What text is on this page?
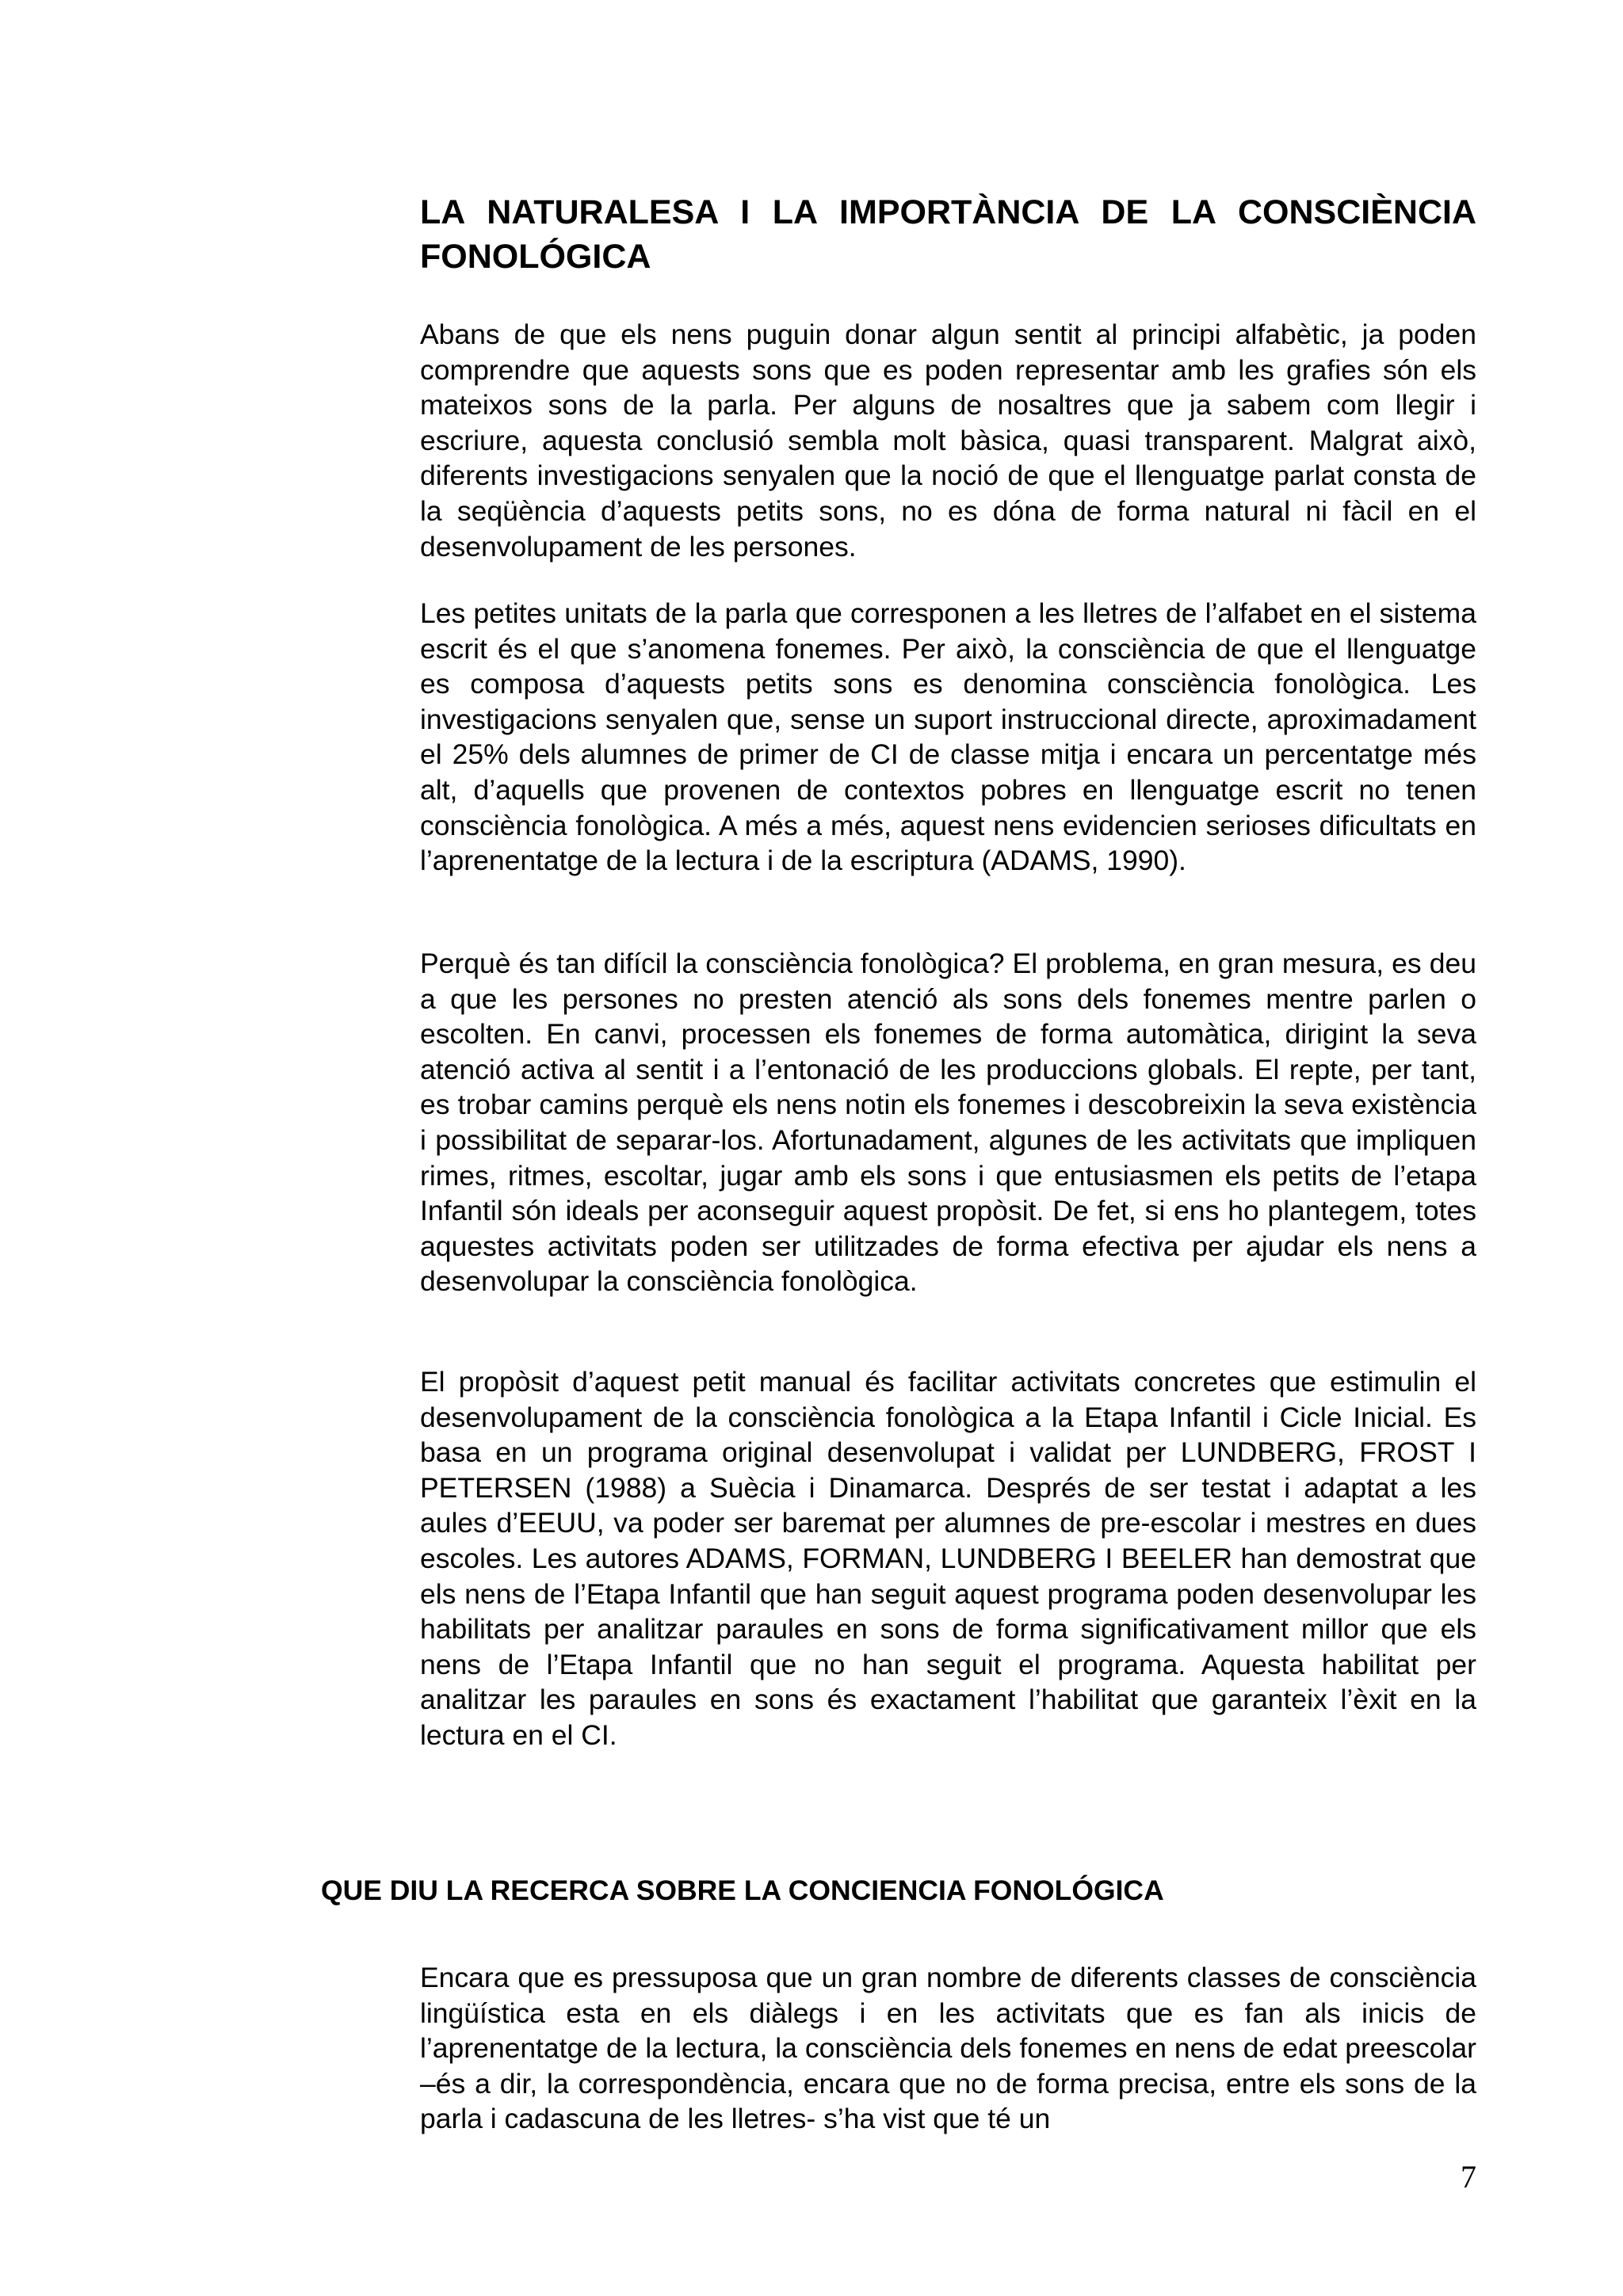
LA NATURALESA I LA IMPORTÀNCIA DE LA CONSCIÈNCIA FONOLÓGICA

Abans de que els nens puguin donar algun sentit al principi alfabètic, ja poden comprendre que aquests sons que es poden representar amb les grafies són els mateixos sons de la parla. Per alguns de nosaltres que ja sabem com llegir i escriure, aquesta conclusió sembla molt bàsica, quasi transparent. Malgrat això, diferents investigacions senyalen que la noció de que el llenguatge parlat consta de la seqüència d’aquests petits sons, no es dóna de forma natural ni fàcil en el desenvolupament de les persones.

Les petites unitats de la parla que corresponen a les lletres de l’alfabet en el sistema escrit és el que s’anomena fonemes. Per això, la consciència de que el llenguatge es composa d’aquests petits sons es denomina consciència fonològica. Les investigacions senyalen que, sense un suport instruccional directe, aproximadament el 25% dels alumnes de primer de CI de classe mitja i encara un percentatge més alt, d’aquells que provenen de contextos pobres en llenguatge escrit no tenen consciència fonològica. A més a més, aquest nens evidencien serioses dificultats en l’aprenentatge de la lectura i de la escriptura (ADAMS, 1990).

Perquè és tan difícil la consciència fonològica? El problema, en gran mesura, es deu a que les persones no presten atenció als sons dels fonemes mentre parlen o escolten. En canvi, processen els fonemes de forma automàtica, dirigint la seva atenció activa al sentit i a l’entonació de les produccions globals. El repte, per tant, es trobar camins perquè els nens notin els fonemes i descobreixin la seva existència i possibilitat de separar-los. Afortunadament, algunes de les activitats que impliquen rimes, ritmes, escoltar, jugar amb els sons i que entusiasmen els petits de l’etapa Infantil són ideals per aconseguir aquest propòsit. De fet, si ens ho plantegem, totes aquestes activitats poden ser utilitzades de forma efectiva per ajudar els nens a desenvolupar la consciència fonològica.

El propòsit d’aquest petit manual és facilitar activitats concretes que estimulin el desenvolupament de la consciència fonològica a la Etapa Infantil i Cicle Inicial. Es basa en un programa original desenvolupat i validat per LUNDBERG, FROST I PETERSEN (1988) a Suècia i Dinamarca. Després de ser testat i adaptat a les aules d’EEUU, va poder ser baremat per alumnes de pre-escolar i mestres en dues escoles. Les autores ADAMS, FORMAN, LUNDBERG I BEELER han demostrat que els nens de l’Etapa Infantil que han seguit aquest programa poden desenvolupar les habilitats per analitzar paraules en sons de forma significativament millor que els nens de l’Etapa Infantil que no han seguit el programa. Aquesta habilitat per analitzar les paraules en sons és exactament l’habilitat que garanteix l’èxit en la lectura en el CI.

QUE DIU LA RECERCA SOBRE LA CONCIENCIA FONOLÓGICA

Encara que es pressuposa que un gran nombre de diferents classes de consciència lingüística esta en els diàlegs i en les activitats que es fan als inicis de l’aprenentatge de la lectura, la consciència dels fonemes en nens de edat preescolar –és a dir, la correspondència, encara que no de forma precisa, entre els sons de la parla i cadascuna de les lletres- s’ha vist que té un

7
